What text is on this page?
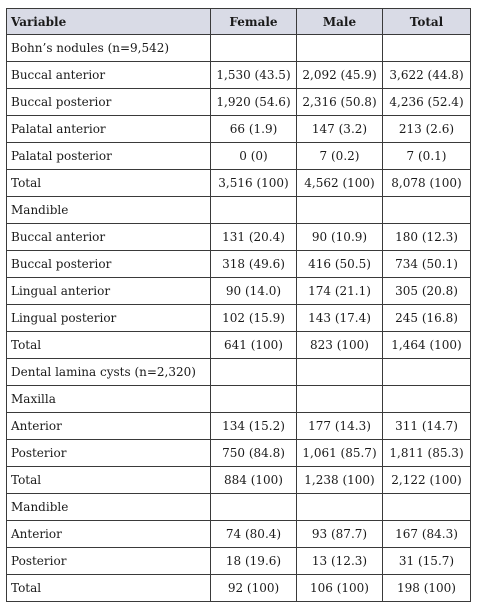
Variable	Female	Male	Total
Bohn’s nodules (n=9,542)			
Buccal anterior	1,530 (43.5)	2,092 (45.9)	3,622 (44.8)
Buccal posterior	1,920 (54.6)	2,316 (50.8)	4,236 (52.4)
Palatal anterior	66 (1.9)	147 (3.2)	213 (2.6)
Palatal posterior	0 (0)	7 (0.2)	7 (0.1)
Total	3,516 (100)	4,562 (100)	8,078 (100)
Mandible			
Buccal anterior	131 (20.4)	90 (10.9)	180 (12.3)
Buccal posterior	318 (49.6)	416 (50.5)	734 (50.1)
Lingual anterior	90 (14.0)	174 (21.1)	305 (20.8)
Lingual posterior	102 (15.9)	143 (17.4)	245 (16.8)
Total	641 (100)	823 (100)	1,464 (100)
Dental lamina cysts (n=2,320)			
Maxilla			
Anterior	134 (15.2)	177 (14.3)	311 (14.7)
Posterior	750 (84.8)	1,061 (85.7)	1,811 (85.3)
Total	884 (100)	1,238 (100)	2,122 (100)
Mandible			
Anterior	74 (80.4)	93 (87.7)	167 (84.3)
Posterior	18 (19.6)	13 (12.3)	31 (15.7)
Total	92 (100)	106 (100)	198 (100)
